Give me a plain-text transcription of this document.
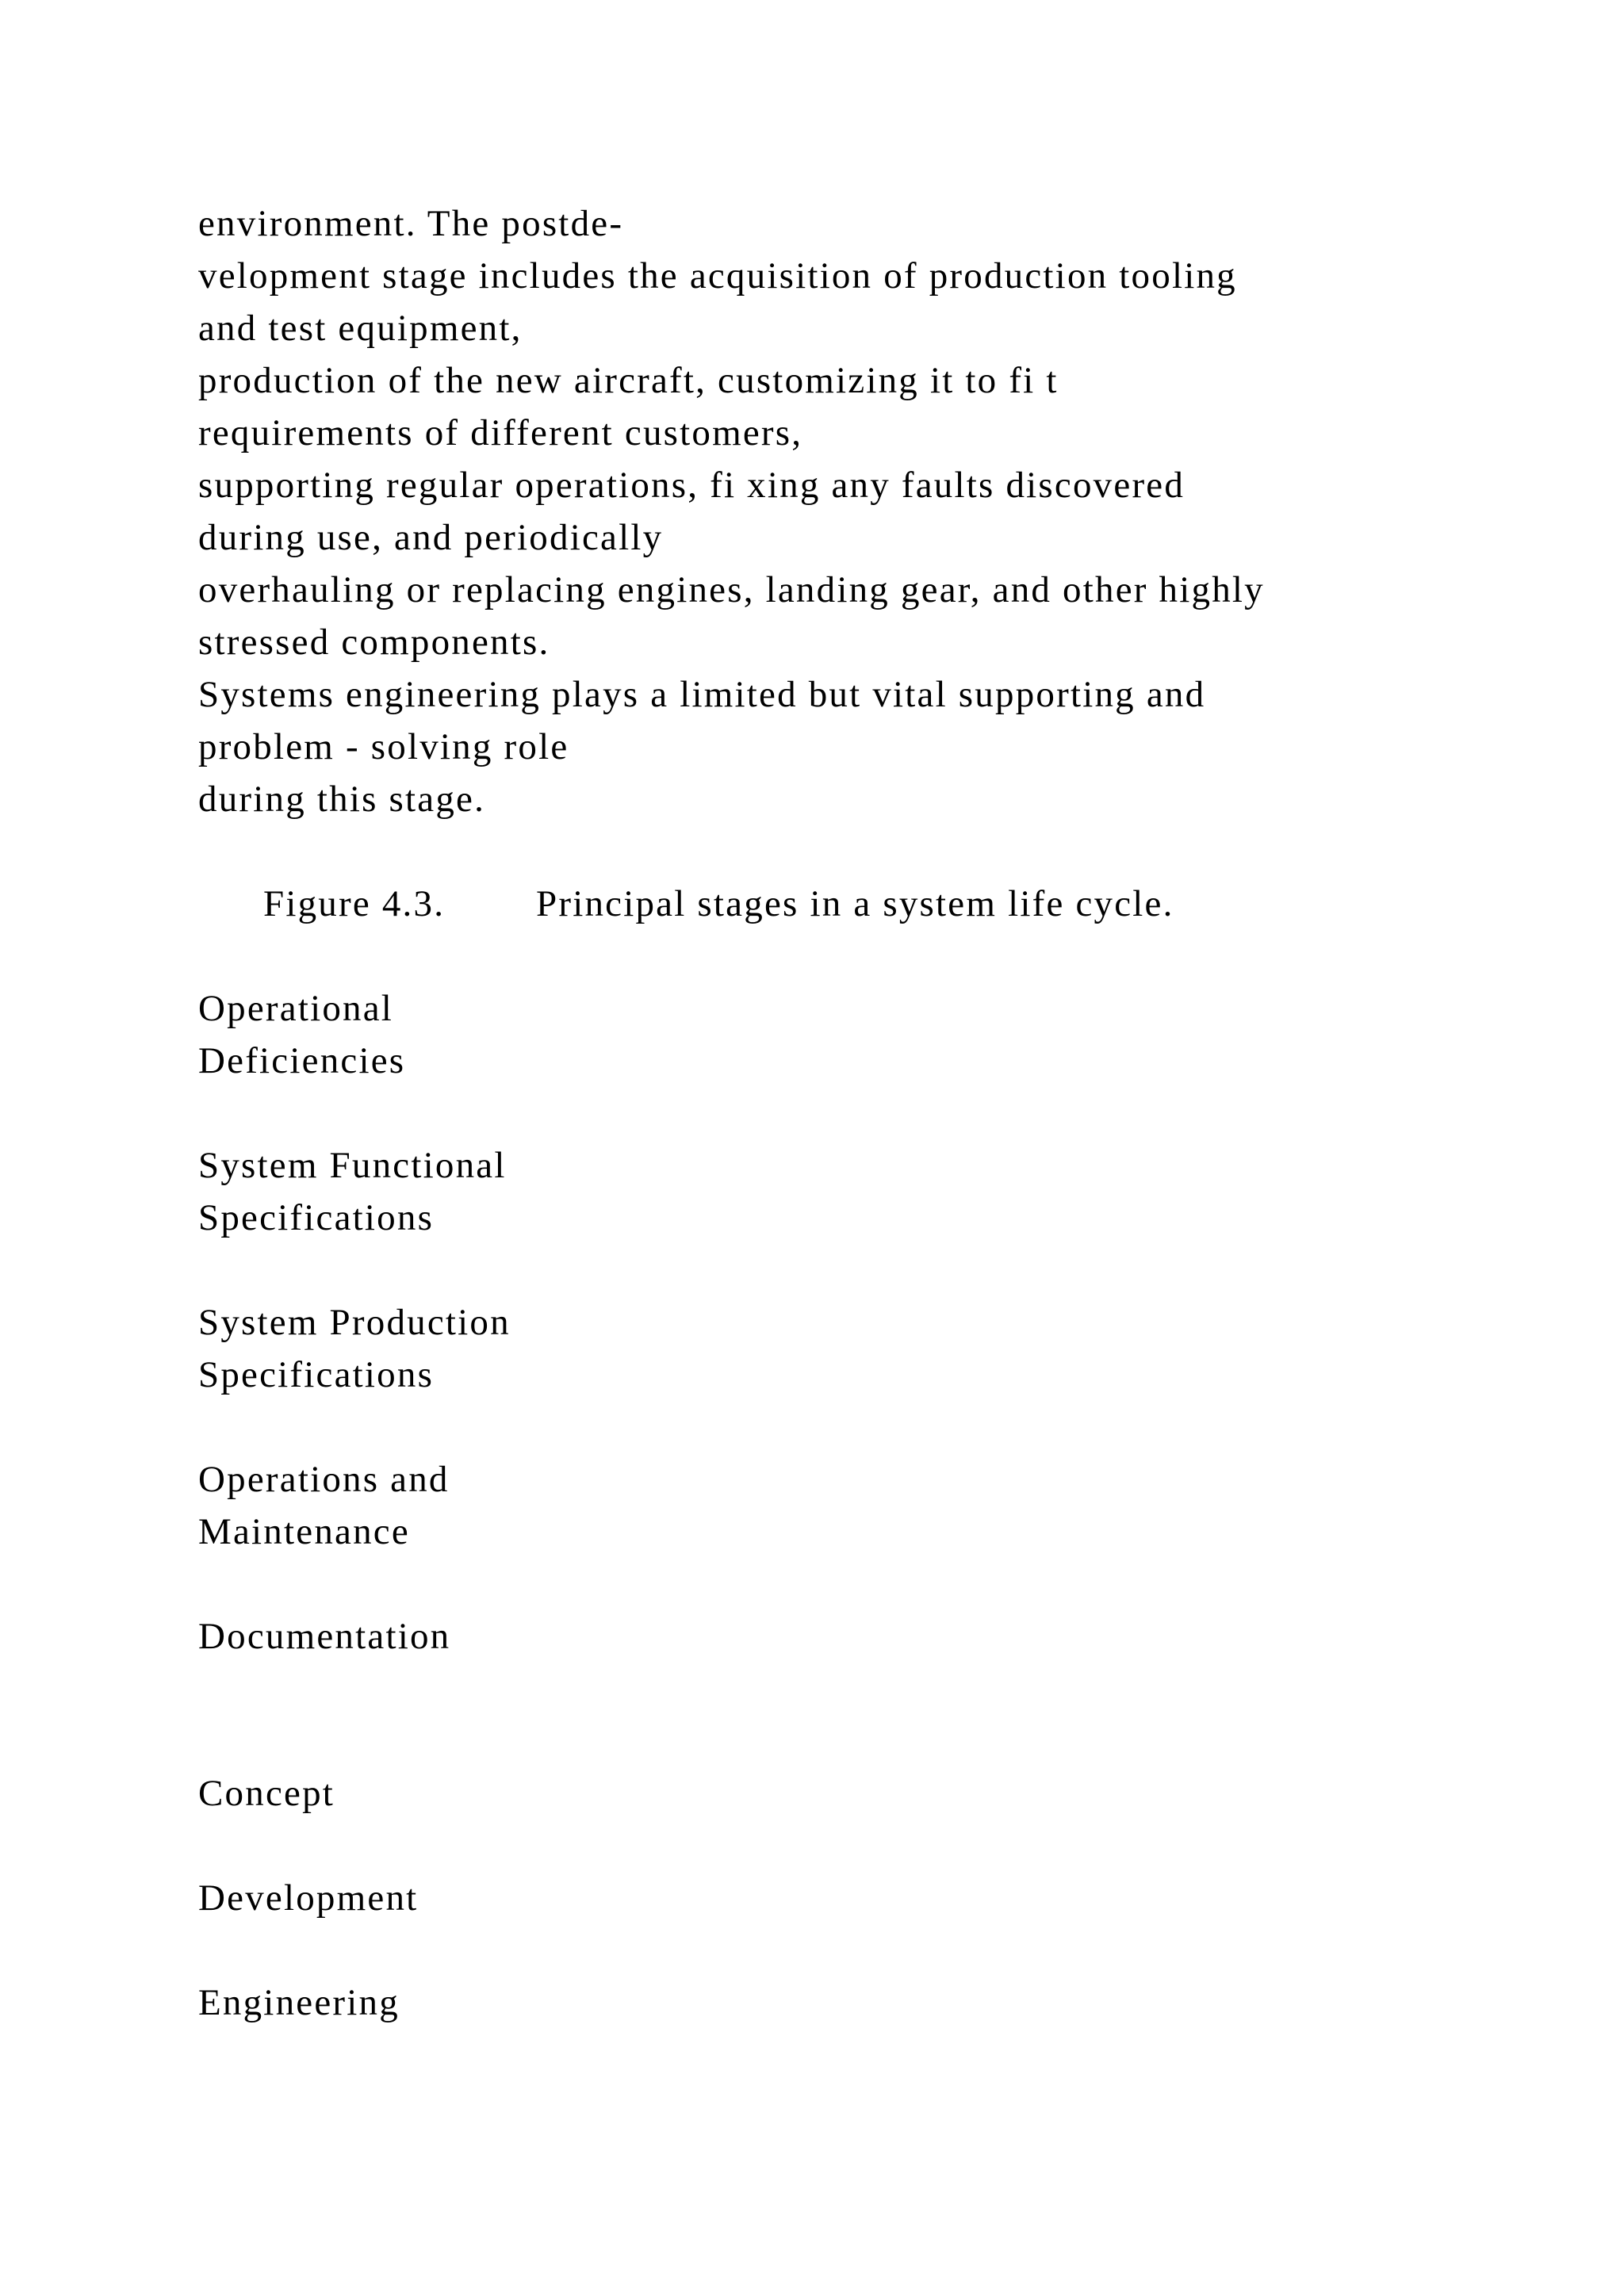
environment. The postde-
velopment stage includes the acquisition of production tooling
and test equipment,
production of the new aircraft, customizing it to fi t
requirements of different customers,
supporting regular operations, fi xing any faults discovered
during use, and periodically
overhauling or replacing engines, landing gear, and other highly
stressed components.
Systems engineering plays a limited but vital supporting and
problem - solving role
during this stage.
Figure 4.3. Principal stages in a system life cycle.
Operational
Deficiencies
System Functional
Specifications
System Production
Specifications
Operations and
Maintenance
Documentation
Concept
Development
Engineering
